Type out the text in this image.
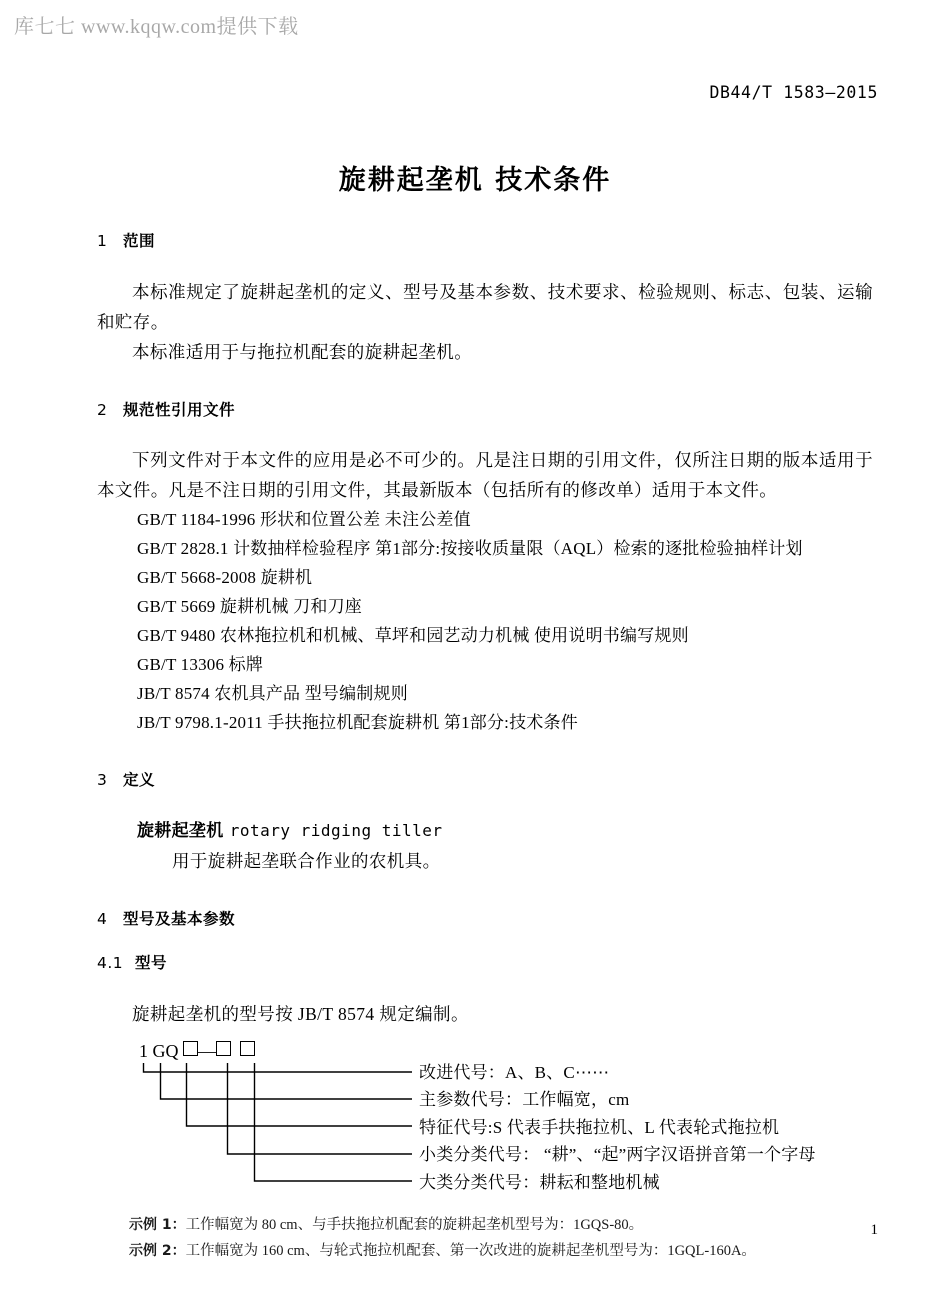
库七七 www.kqqw.com提供下载
DB44/T 1583—2015
旋耕起垄机 技术条件
1 范围

本标准规定了旋耕起垄机的定义、型号及基本参数、技术要求、检验规则、标志、包装、运输和贮存。

本标准适用于与拖拉机配套的旋耕起垄机。

2 规范性引用文件

下列文件对于本文件的应用是必不可少的。凡是注日期的引用文件，仅所注日期的版本适用于本文件。凡是不注日期的引用文件，其最新版本（包括所有的修改单）适用于本文件。

GB/T 1184-1996 形状和位置公差 未注公差值
GB/T 2828.1 计数抽样检验程序 第1部分:按接收质量限（AQL）检索的逐批检验抽样计划
GB/T 5668-2008 旋耕机
GB/T 5669 旋耕机械 刀和刀座
GB/T 9480 农林拖拉机和机械、草坪和园艺动力机械 使用说明书编写规则
GB/T 13306 标牌
JB/T 8574 农机具产品 型号编制规则
JB/T 9798.1-2011 手扶拖拉机配套旋耕机 第1部分:技术条件
3 定义
旋耕起垄机 rotary ridging tiller

用于旋耕起垄联合作业的农机具。

4 型号及基本参数
4.1 型号

旋耕起垄机的型号按 JB/T 8574 规定编制。

1 GQ —
改进代号：A、B、C⋯⋯
主参数代号：工作幅宽，cm
特征代号:S 代表手扶拖拉机、L 代表轮式拖拉机
小类分类代号： “耕”、“起”两字汉语拼音第一个字母
大类分类代号：耕耘和整地机械
示例 1：工作幅宽为 80 cm、与手扶拖拉机配套的旋耕起垄机型号为：1GQS-80。
示例 2：工作幅宽为 160 cm、与轮式拖拉机配套、第一次改进的旋耕起垄机型号为：1GQL-160A。
1
